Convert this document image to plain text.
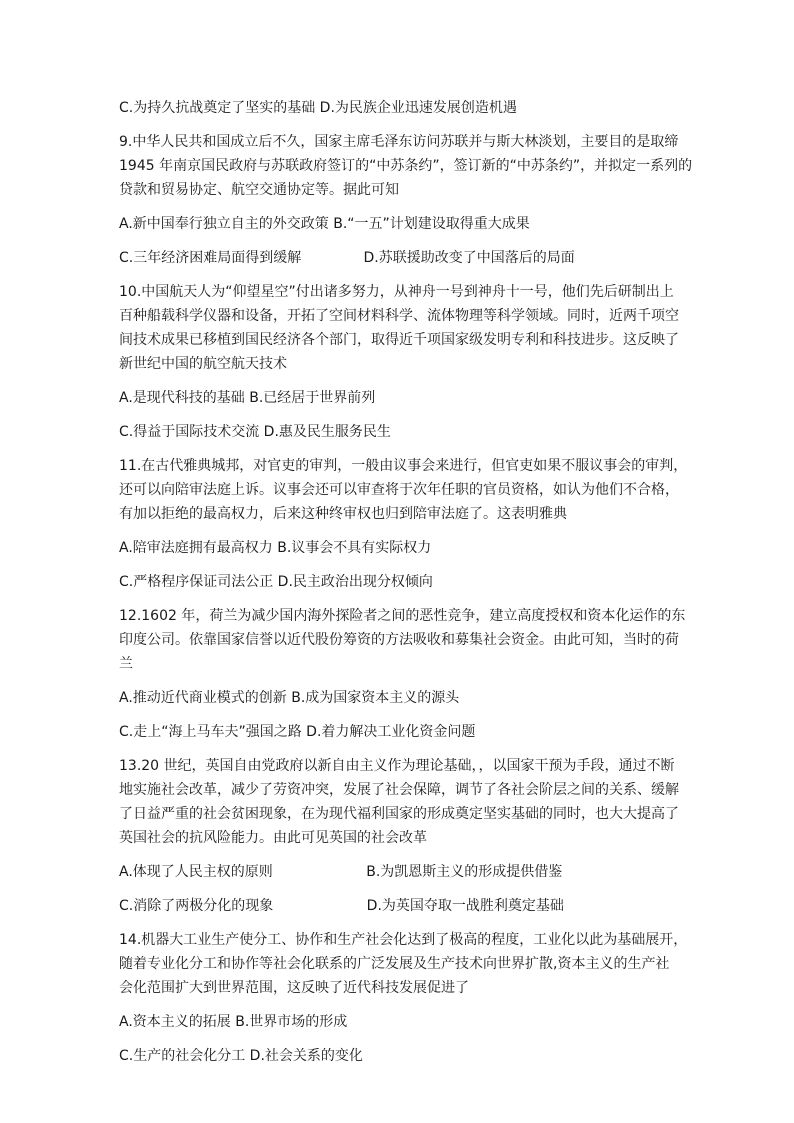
C.为持久抗战奠定了坚实的基础 D.为民族企业迅速发展创造机遇

9.中华人民共和国成立后不久，国家主席毛泽东访问苏联并与斯大林淡划，主要目的是取缔

1945 年南京国民政府与苏联政府签订的“中苏条约”，签订新的“中苏条约”，并拟定一系列的

贷款和贸易协定、航空交通协定等。据此可知

A.新中国奉行独立自主的外交政策 B.“一五”计划建设取得重大成果

C.三年经济困难局面得到缓解              D.苏联援助改变了中国落后的局面

10.中国航天人为“仰望星空”付出诸多努力，从神舟一号到神舟十一号，他们先后研制出上

百种船载科学仪器和设备，开拓了空间材料科学、流体物理等科学领域。同时，近两千项空

间技术成果已移植到国民经济各个部门，取得近千项国家级发明专利和科技进步。这反映了

新世纪中国的航空航天技术

A.是现代科技的基础 B.已经居于世界前列

C.得益于国际技术交流 D.惠及民生服务民生

11.在古代雅典城邦，对官吏的审判，一般由议事会来进行，但官吏如果不服议事会的审判，

还可以向陪审法庭上诉。议事会还可以审查将于次年任职的官员资格，如认为他们不合格，

有加以拒绝的最高权力，后来这种终审权也归到陪审法庭了。这表明雅典

A.陪审法庭拥有最高权力 B.议事会不具有实际权力

C.严格程序保证司法公正 D.民主政治出现分权倾向

12.1602 年，荷兰为减少国内海外探险者之间的恶性竞争，建立高度授权和资本化运作的东

印度公司。依靠国家信誉以近代股份筹资的方法吸收和募集社会资金。由此可知，当时的荷

兰

A.推动近代商业模式的创新 B.成为国家资本主义的源头

C.走上“海上马车夫”强国之路 D.着力解决工业化资金问题

13.20 世纪，英国自由党政府以新自由主义作为理论基础，，以国家干预为手段，通过不断

地实施社会改革，减少了劳资冲突，发展了社会保障，调节了各社会阶层之间的关系、缓解

了日益严重的社会贫困现象，在为现代福利国家的形成奠定坚实基础的同时，也大大提高了

英国社会的抗风险能力。由此可见英国的社会改革

A.体现了人民主权的原则                     B.为凯恩斯主义的形成提供借鉴

C.消除了两极分化的现象                     D.为英国夺取一战胜利奠定基础

14.机器大工业生产使分工、协作和生产社会化达到了极高的程度，工业化以此为基础展开，

随着专业化分工和协作等社会化联系的广泛发展及生产技术向世界扩散,资本主义的生产社

会化范围扩大到世界范围，这反映了近代科技发展促进了

A.资本主义的拓展 B.世界市场的形成

C.生产的社会化分工 D.社会关系的变化
